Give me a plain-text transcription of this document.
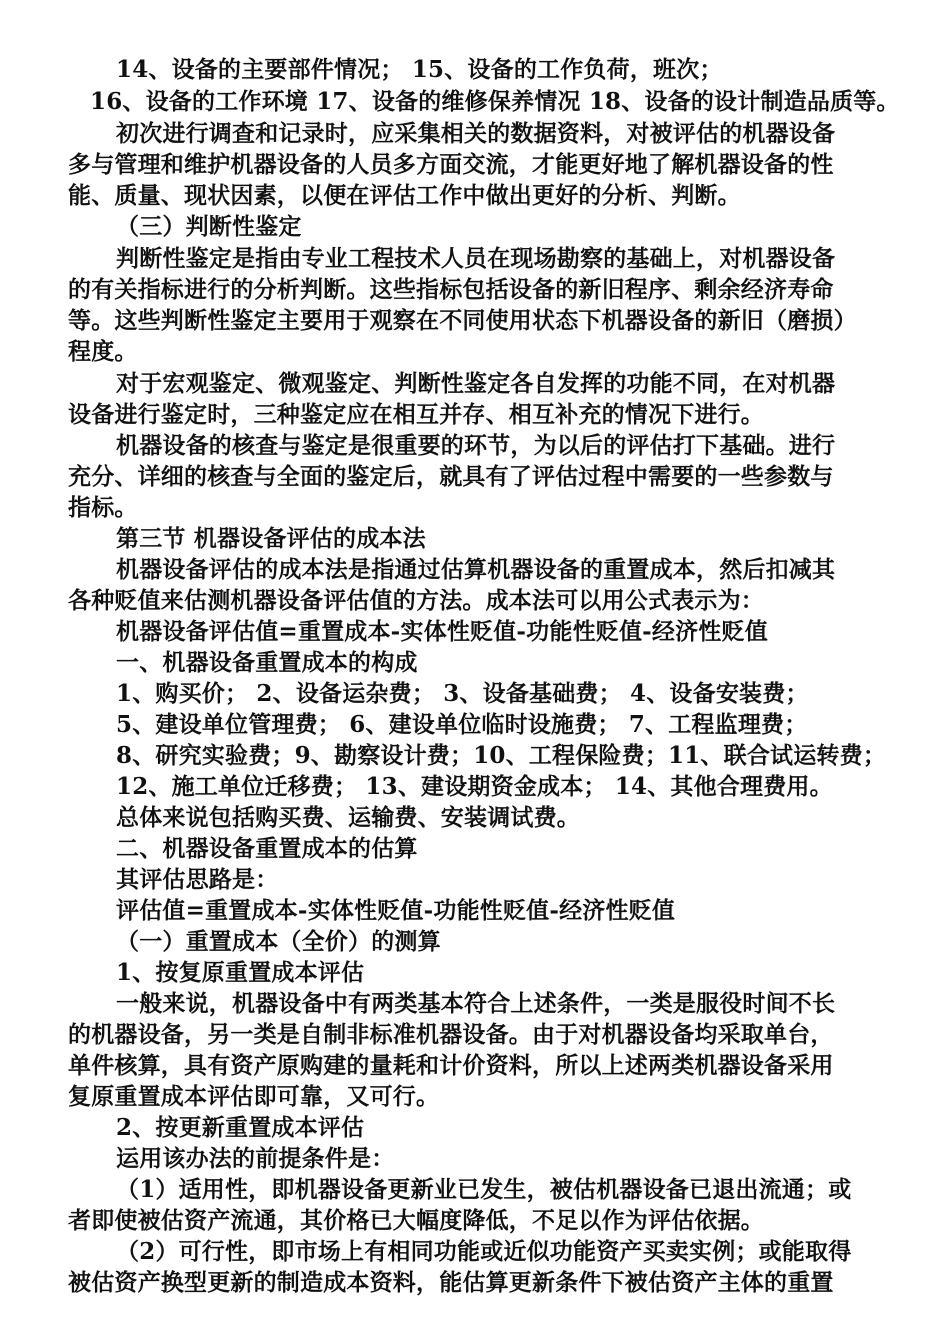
14、设备的主要部件情况； 15、设备的工作负荷，班次；
16、设备的工作环境 17、设备的维修保养情况 18、设备的设计制造品质等。
初次进行调查和记录时，应采集相关的数据资料，对被评估的机器设备
多与管理和维护机器设备的人员多方面交流，才能更好地了解机器设备的性
能、质量、现状因素，以便在评估工作中做出更好的分析、判断。
（三）判断性鉴定
判断性鉴定是指由专业工程技术人员在现场勘察的基础上，对机器设备
的有关指标进行的分析判断。这些指标包括设备的新旧程序、剩余经济寿命
等。这些判断性鉴定主要用于观察在不同使用状态下机器设备的新旧（磨损）
程度。
对于宏观鉴定、微观鉴定、判断性鉴定各自发挥的功能不同，在对机器
设备进行鉴定时，三种鉴定应在相互并存、相互补充的情况下进行。
机器设备的核查与鉴定是很重要的环节，为以后的评估打下基础。进行
充分、详细的核查与全面的鉴定后，就具有了评估过程中需要的一些参数与
指标。
第三节 机器设备评估的成本法
机器设备评估的成本法是指通过估算机器设备的重置成本，然后扣减其
各种贬值来估测机器设备评估值的方法。成本法可以用公式表示为：
机器设备评估值=重置成本-实体性贬值-功能性贬值-经济性贬值
一、机器设备重置成本的构成
1、购买价； 2、设备运杂费； 3、设备基础费； 4、设备安装费；
5、建设单位管理费； 6、建设单位临时设施费； 7、工程监理费；
8、研究实验费；9、勘察设计费；10、工程保险费；11、联合试运转费；
12、施工单位迁移费； 13、建设期资金成本； 14、其他合理费用。
总体来说包括购买费、运输费、安装调试费。
二、机器设备重置成本的估算
其评估思路是：
评估值=重置成本-实体性贬值-功能性贬值-经济性贬值
（一）重置成本（全价）的测算
1、按复原重置成本评估
一般来说，机器设备中有两类基本符合上述条件，一类是服役时间不长
的机器设备，另一类是自制非标准机器设备。由于对机器设备均采取单台，
单件核算，具有资产原购建的量耗和计价资料，所以上述两类机器设备采用
复原重置成本评估即可靠，又可行。
2、按更新重置成本评估
运用该办法的前提条件是：
（1）适用性，即机器设备更新业已发生，被估机器设备已退出流通；或
者即使被估资产流通，其价格已大幅度降低，不足以作为评估依据。
（2）可行性，即市场上有相同功能或近似功能资产买卖实例；或能取得
被估资产换型更新的制造成本资料，能估算更新条件下被估资产主体的重置
